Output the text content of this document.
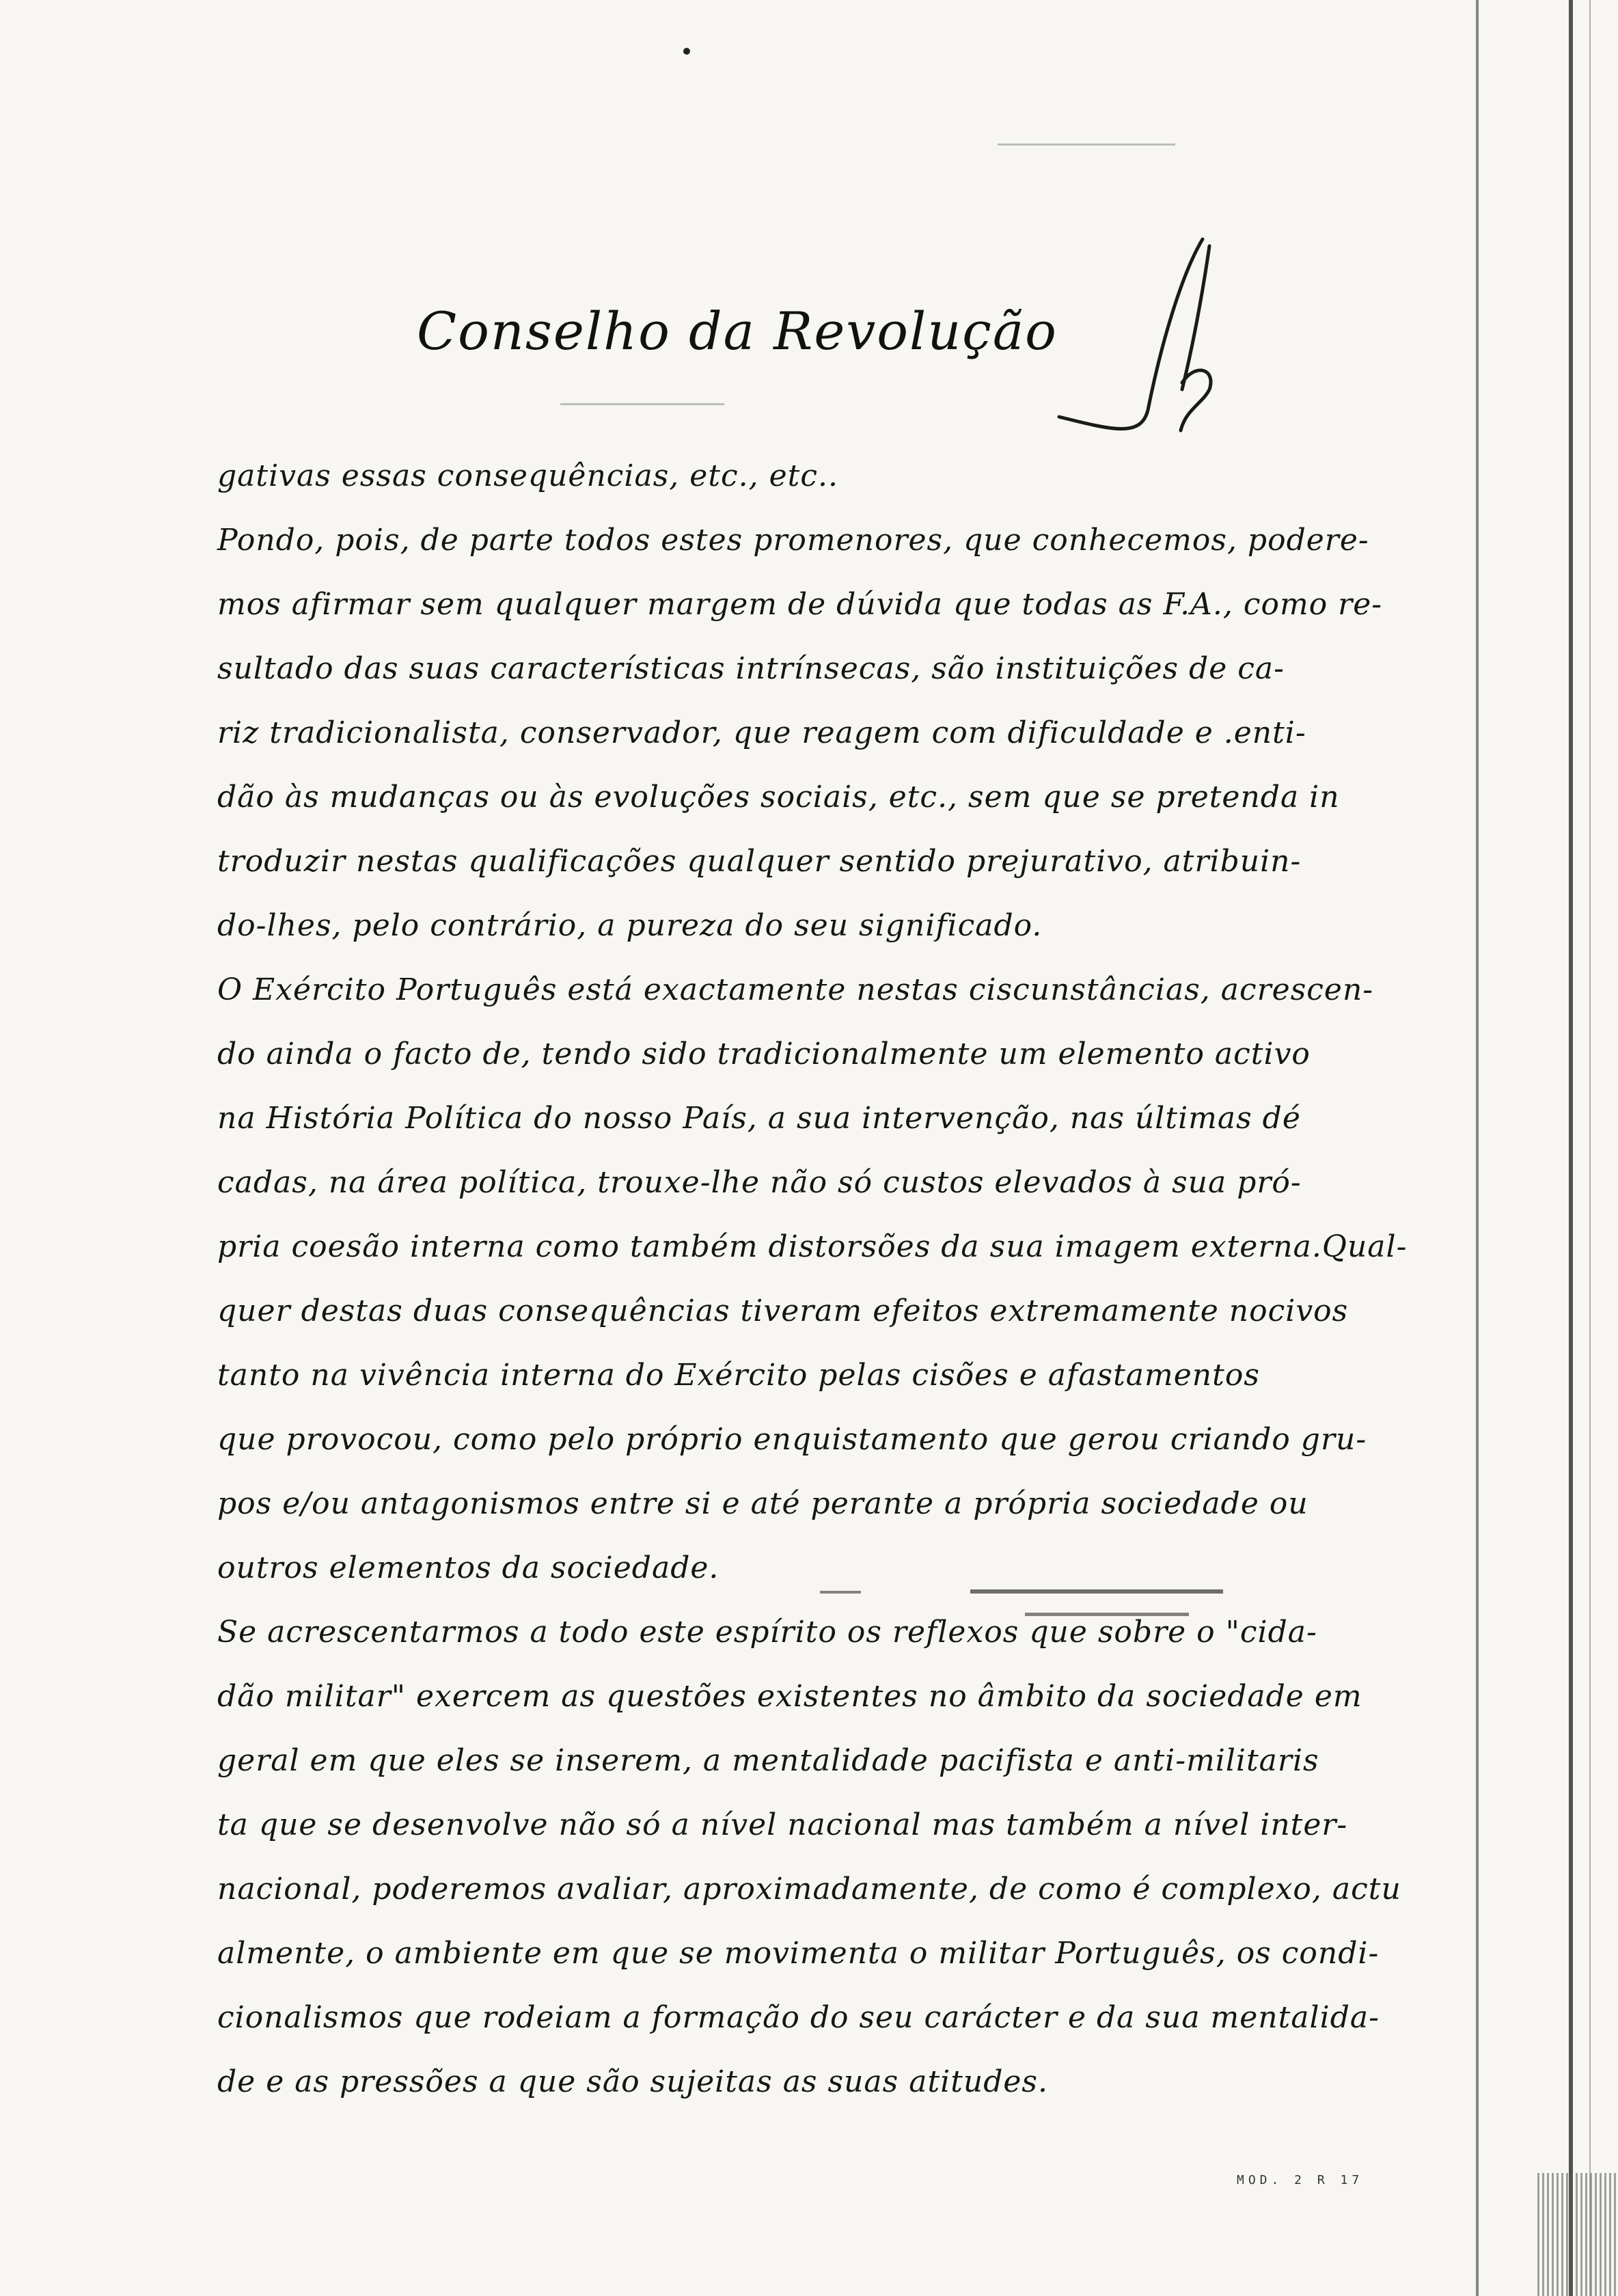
Conselho da Revolução
gativas essas consequências, etc., etc..
Pondo, pois, de parte todos estes promenores, que conhecemos, podere-
mos afirmar sem qualquer margem de dúvida que todas as F.A., como re-
sultado das suas características intrínsecas, são instituições de ca-
riz tradicionalista, conservador, que reagem com dificuldade e .enti-
dão às mudanças ou às evoluções sociais, etc., sem que se pretenda in
troduzir nestas qualificações qualquer sentido prejurativo, atribuin-
do-lhes, pelo contrário, a pureza do seu significado.
O Exército Português está exactamente nestas ciscunstâncias, acrescen-
do ainda o facto de, tendo sido tradicionalmente um elemento activo
na História Política do nosso País, a sua intervenção, nas últimas dé
cadas, na área política, trouxe-lhe não só custos elevados à sua pró-
pria coesão interna como também distorsões da sua imagem externa.Qual-
quer destas duas consequências tiveram efeitos extremamente nocivos
tanto na vivência interna do Exército pelas cisões e afastamentos
que provocou, como pelo próprio enquistamento que gerou criando gru-
pos e/ou antagonismos entre si e até perante a própria sociedade ou
outros elementos da sociedade.
Se acrescentarmos a todo este espírito os reflexos que sobre o "cida-
dão militar" exercem as questões existentes no âmbito da sociedade em
geral em que eles se inserem, a mentalidade pacifista e anti-militaris
ta que se desenvolve não só a nível nacional mas também a nível inter-
nacional, poderemos avaliar, aproximadamente, de como é complexo, actu
almente, o ambiente em que se movimenta o militar Português, os condi-
cionalismos que rodeiam a formação do seu carácter e da sua mentalida-
de e as pressões a que são sujeitas as suas atitudes.
MOD. 2 R 17
